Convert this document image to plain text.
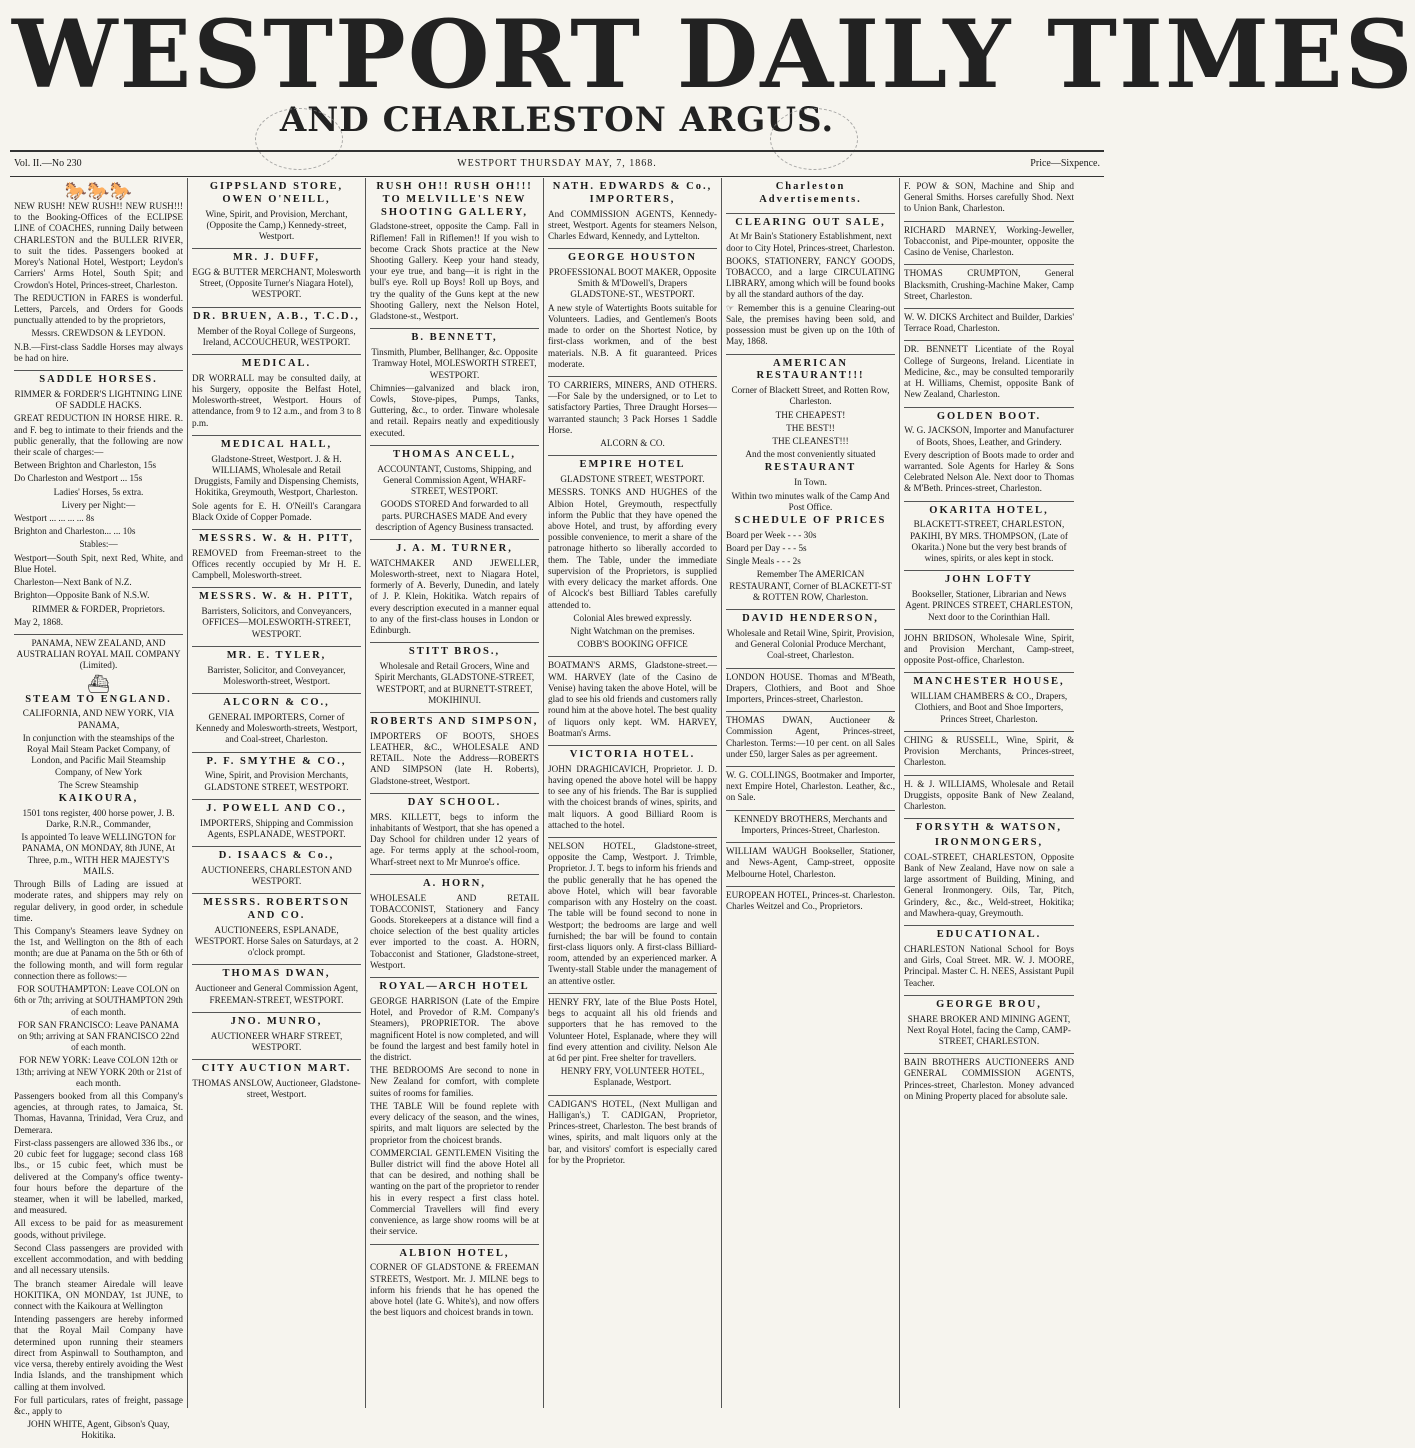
WESTPORT DAILY TIMES
AND CHARLESTON ARGUS.
Vol. II.—No 230	WESTPORT THURSDAY MAY, 7, 1868.	Price—Sixpence.
🐎🐎🐎

NEW RUSH! NEW RUSH!! NEW RUSH!!! to the Booking-Offices of the ECLIPSE LINE of COACHES, running Daily between CHARLESTON and the BULLER RIVER, to suit the tides. Passengers booked at Morey's National Hotel, Westport; Leydon's Carriers' Arms Hotel, South Spit; and Crowdon's Hotel, Princes-street, Charleston.

The REDUCTION in FARES is wonderful. Letters, Parcels, and Orders for Goods punctually attended to by the proprietors,

Messrs. CREWDSON & LEYDON.

N.B.—First-class Saddle Horses may always be had on hire.

SADDLE HORSES.

RIMMER & FORDER'S LIGHTNING LINE OF SADDLE HACKS.

GREAT REDUCTION IN HORSE HIRE. R. and F. beg to intimate to their friends and the public generally, that the following are now their scale of charges:—

Between Brighton and Charleston, 15s

Do Charleston and Westport ... 15s

Ladies' Horses, 5s extra.

Livery per Night:—

Westport ... ... ... ... 8s

Brighton and Charleston... ... 10s

Stables:—

Westport—South Spit, next Red, White, and Blue Hotel.

Charleston—Next Bank of N.Z.

Brighton—Opposite Bank of N.S.W.

RIMMER & FORDER, Proprietors.

May 2, 1868.

PANAMA, NEW ZEALAND, AND AUSTRALIAN ROYAL MAIL COMPANY (Limited).

⛴
STEAM TO ENGLAND.

CALIFORNIA, AND NEW YORK, VIA PANAMA,

In conjunction with the steamships of the Royal Mail Steam Packet Company, of London, and Pacific Mail Steamship Company, of New York

The Screw Steamship

KAIKOURA,

1501 tons register, 400 horse power, J. B. Darke, R.N.R., Commander,

Is appointed To leave WELLINGTON for PANAMA, ON MONDAY, 8th JUNE, At Three, p.m., WITH HER MAJESTY'S MAILS.

Through Bills of Lading are issued at moderate rates, and shippers may rely on regular delivery, in good order, in schedule time.

This Company's Steamers leave Sydney on the 1st, and Wellington on the 8th of each month; are due at Panama on the 5th or 6th of the following month, and will form regular connection there as follows:—

FOR SOUTHAMPTON: Leave COLON on 6th or 7th; arriving at SOUTHAMPTON 29th of each month.

FOR SAN FRANCISCO: Leave PANAMA on 9th; arriving at SAN FRANCISCO 22nd of each month.

FOR NEW YORK: Leave COLON 12th or 13th; arriving at NEW YORK 20th or 21st of each month.

Passengers booked from all this Company's agencies, at through rates, to Jamaica, St. Thomas, Havanna, Trinidad, Vera Cruz, and Demerara.

First-class passengers are allowed 336 lbs., or 20 cubic feet for luggage; second class 168 lbs., or 15 cubic feet, which must be delivered at the Company's office twenty-four hours before the departure of the steamer, when it will be labelled, marked, and measured.

All excess to be paid for as measurement goods, without privilege.

Second Class passengers are provided with excellent accommodation, and with bedding and all necessary utensils.

The branch steamer Airedale will leave HOKITIKA, ON MONDAY, 1st JUNE, to connect with the Kaikoura at Wellington

Intending passengers are hereby informed that the Royal Mail Company have determined upon running their steamers direct from Aspinwall to Southampton, and vice versa, thereby entirely avoiding the West India Islands, and the transhipment which calling at them involved.

For full particulars, rates of freight, passage &c., apply to

JOHN WHITE, Agent, Gibson's Quay, Hokitika.

GIPPSLAND STORE, OWEN O'NEILL,

Wine, Spirit, and Provision, Merchant, (Opposite the Camp,) Kennedy-street, Westport.

MR. J. DUFF,

EGG & BUTTER MERCHANT, Molesworth Street, (Opposite Turner's Niagara Hotel), WESTPORT.

DR. BRUEN, A.B., T.C.D.,

Member of the Royal College of Surgeons, Ireland, ACCOUCHEUR, WESTPORT.

MEDICAL.

DR WORRALL may be consulted daily, at his Surgery, opposite the Belfast Hotel, Molesworth-street, Westport. Hours of attendance, from 9 to 12 a.m., and from 3 to 8 p.m.

MEDICAL HALL,

Gladstone-Street, Westport. J. & H. WILLIAMS, Wholesale and Retail Druggists, Family and Dispensing Chemists, Hokitika, Greymouth, Westport, Charleston.

Sole agents for E. H. O'Neill's Carangara Black Oxide of Copper Pomade.

MESSRS. W. & H. PITT,

REMOVED from Freeman-street to the Offices recently occupied by Mr H. E. Campbell, Molesworth-street.

MESSRS. W. & H. PITT,

Barristers, Solicitors, and Conveyancers, OFFICES—MOLESWORTH-STREET, WESTPORT.

MR. E. TYLER,

Barrister, Solicitor, and Conveyancer, Molesworth-street, Westport.

ALCORN & CO.,

GENERAL IMPORTERS, Corner of Kennedy and Molesworth-streets, Westport, and Coal-street, Charleston.

P. F. SMYTHE & CO.,

Wine, Spirit, and Provision Merchants, GLADSTONE STREET, WESTPORT.

J. POWELL AND CO.,

IMPORTERS, Shipping and Commission Agents, ESPLANADE, WESTPORT.

D. ISAACS & Co.,

AUCTIONEERS, CHARLESTON AND WESTPORT.

MESSRS. ROBERTSON AND CO.

AUCTIONEERS, ESPLANADE, WESTPORT. Horse Sales on Saturdays, at 2 o'clock prompt.

THOMAS DWAN,

Auctioneer and General Commission Agent, FREEMAN-STREET, WESTPORT.

JNO. MUNRO,

AUCTIONEER WHARF STREET, WESTPORT.

CITY AUCTION MART.

THOMAS ANSLOW, Auctioneer, Gladstone-street, Westport.

RUSH OH!! RUSH OH!!! TO MELVILLE'S NEW SHOOTING GALLERY,

Gladstone-street, opposite the Camp. Fall in Riflemen! Fall in Riflemen!! If you wish to become Crack Shots practice at the New Shooting Gallery. Keep your hand steady, your eye true, and bang—it is right in the bull's eye. Roll up Boys! Roll up Boys, and try the quality of the Guns kept at the new Shooting Gallery, next the Nelson Hotel, Gladstone-st., Westport.

B. BENNETT,

Tinsmith, Plumber, Bellhanger, &c. Opposite Tramway Hotel, MOLESWORTH STREET, WESTPORT.

Chimnies—galvanized and black iron, Cowls, Stove-pipes, Pumps, Tanks, Guttering, &c., to order. Tinware wholesale and retail. Repairs neatly and expeditiously executed.

THOMAS ANCELL,

ACCOUNTANT, Customs, Shipping, and General Commission Agent, WHARF-STREET, WESTPORT.

GOODS STORED And forwarded to all parts. PURCHASES MADE And every description of Agency Business transacted.

J. A. M. TURNER,

WATCHMAKER AND JEWELLER, Molesworth-street, next to Niagara Hotel, formerly of A. Beverly, Dunedin, and lately of J. P. Klein, Hokitika. Watch repairs of every description executed in a manner equal to any of the first-class houses in London or Edinburgh.

STITT BROS.,

Wholesale and Retail Grocers, Wine and Spirit Merchants, GLADSTONE-STREET, WESTPORT, and at BURNETT-STREET, MOKIHINUI.

ROBERTS AND SIMPSON,

IMPORTERS OF BOOTS, SHOES LEATHER, &C., WHOLESALE AND RETAIL. Note the Address—ROBERTS AND SIMPSON (late H. Roberts), Gladstone-street, Westport.

DAY SCHOOL.

MRS. KILLETT, begs to inform the inhabitants of Westport, that she has opened a Day School for children under 12 years of age. For terms apply at the school-room, Wharf-street next to Mr Munroe's office.

A. HORN,

WHOLESALE AND RETAIL TOBACCONIST, Stationery and Fancy Goods. Storekeepers at a distance will find a choice selection of the best quality articles ever imported to the coast. A. HORN, Tobacconist and Stationer, Gladstone-street, Westport.

ROYAL—ARCH HOTEL

GEORGE HARRISON (Late of the Empire Hotel, and Provedor of R.M. Company's Steamers), PROPRIETOR. The above magnificent Hotel is now completed, and will be found the largest and best family hotel in the district.

THE BEDROOMS Are second to none in New Zealand for comfort, with complete suites of rooms for families.

THE TABLE Will be found replete with every delicacy of the season, and the wines, spirits, and malt liquors are selected by the proprietor from the choicest brands.

COMMERCIAL GENTLEMEN Visiting the Buller district will find the above Hotel all that can be desired, and nothing shall be wanting on the part of the proprietor to render his in every respect a first class hotel. Commercial Travellers will find every convenience, as large show rooms will be at their service.

ALBION HOTEL,

CORNER OF GLADSTONE & FREEMAN STREETS, Westport. Mr. J. MILNE begs to inform his friends that he has opened the above hotel (late G. White's), and now offers the best liquors and choicest brands in town.

NATH. EDWARDS & Co., IMPORTERS,

And COMMISSION AGENTS, Kennedy-street, Westport. Agents for steamers Nelson, Charles Edward, Kennedy, and Lyttelton.

GEORGE HOUSTON

PROFESSIONAL BOOT MAKER, Opposite Smith & M'Dowell's, Drapers GLADSTONE-ST., WESTPORT.

A new style of Watertights Boots suitable for Volunteers. Ladies, and Gentlemen's Boots made to order on the Shortest Notice, by first-class workmen, and of the best materials. N.B. A fit guaranteed. Prices moderate.

TO CARRIERS, MINERS, AND OTHERS.—For Sale by the undersigned, or to Let to satisfactory Parties, Three Draught Horses—warranted staunch; 3 Pack Horses 1 Saddle Horse.

ALCORN & CO.

EMPIRE HOTEL

GLADSTONE STREET, WESTPORT.

MESSRS. TONKS AND HUGHES of the Albion Hotel, Greymouth, respectfully inform the Public that they have opened the above Hotel, and trust, by affording every possible convenience, to merit a share of the patronage hitherto so liberally accorded to them. The Table, under the immediate supervision of the Proprietors, is supplied with every delicacy the market affords. One of Alcock's best Billiard Tables carefully attended to.

Colonial Ales brewed expressly.

Night Watchman on the premises.

COBB'S BOOKING OFFICE

BOATMAN'S ARMS, Gladstone-street.—WM. HARVEY (late of the Casino de Venise) having taken the above Hotel, will be glad to see his old friends and customers rally round him at the above hotel. The best quality of liquors only kept. WM. HARVEY, Boatman's Arms.

VICTORIA HOTEL.

JOHN DRAGHICAVICH, Proprietor. J. D. having opened the above hotel will be happy to see any of his friends. The Bar is supplied with the choicest brands of wines, spirits, and malt liquors. A good Billiard Room is attached to the hotel.

NELSON HOTEL, Gladstone-street, opposite the Camp, Westport. J. Trimble, Proprietor. J. T. begs to inform his friends and the public generally that he has opened the above Hotel, which will bear favorable comparison with any Hostelry on the coast. The table will be found second to none in Westport; the bedrooms are large and well furnished; the bar will be found to contain first-class liquors only. A first-class Billiard-room, attended by an experienced marker. A Twenty-stall Stable under the management of an attentive ostler.

HENRY FRY, late of the Blue Posts Hotel, begs to acquaint all his old friends and supporters that he has removed to the Volunteer Hotel, Esplanade, where they will find every attention and civility. Nelson Ale at 6d per pint. Free shelter for travellers.

HENRY FRY, VOLUNTEER HOTEL, Esplanade, Westport.

CADIGAN'S HOTEL, (Next Mulligan and Halligan's,) T. CADIGAN, Proprietor, Princes-street, Charleston. The best brands of wines, spirits, and malt liquors only at the bar, and visitors' comfort is especially cared for by the Proprietor.

Charleston Advertisements.
CLEARING OUT SALE,

At Mr Bain's Stationery Establishment, next door to City Hotel, Princes-street, Charleston.

BOOKS, STATIONERY, FANCY GOODS, TOBACCO, and a large CIRCULATING LIBRARY, among which will be found books by all the standard authors of the day.

☞ Remember this is a genuine Clearing-out Sale, the premises having been sold, and possession must be given up on the 10th of May, 1868.

AMERICAN RESTAURANT!!!

Corner of Blackett Street, and Rotten Row, Charleston.

THE CHEAPEST!

THE BEST!!

THE CLEANEST!!!

And the most conveniently situated

RESTAURANT

In Town.

Within two minutes walk of the Camp And Post Office.

SCHEDULE OF PRICES

Board per Week - - - 30s

Board per Day - - - 5s

Single Meals - - - 2s

Remember The AMERICAN RESTAURANT, Corner of BLACKETT-ST & ROTTEN ROW, Charleston.

DAVID HENDERSON,

Wholesale and Retail Wine, Spirit, Provision, and General Colonial Produce Merchant, Coal-street, Charleston.

LONDON HOUSE. Thomas and M'Beath, Drapers, Clothiers, and Boot and Shoe Importers, Princes-street, Charleston.

THOMAS DWAN, Auctioneer & Commission Agent, Princes-street, Charleston. Terms:—10 per cent. on all Sales under £50, larger Sales as per agreement.

W. G. COLLINGS, Bootmaker and Importer, next Empire Hotel, Charleston. Leather, &c., on Sale.

KENNEDY BROTHERS, Merchants and Importers, Princes-Street, Charleston.

WILLIAM WAUGH Bookseller, Stationer, and News-Agent, Camp-street, opposite Melbourne Hotel, Charleston.

EUROPEAN HOTEL, Princes-st. Charleston. Charles Weitzel and Co., Proprietors.

F. POW & SON, Machine and Ship and General Smiths. Horses carefully Shod. Next to Union Bank, Charleston.

RICHARD MARNEY, Working-Jeweller, Tobacconist, and Pipe-mounter, opposite the Casino de Venise, Charleston.

THOMAS CRUMPTON, General Blacksmith, Crushing-Machine Maker, Camp Street, Charleston.

W. W. DICKS Architect and Builder, Darkies' Terrace Road, Charleston.

DR. BENNETT Licentiate of the Royal College of Surgeons, Ireland. Licentiate in Medicine, &c., may be consulted temporarily at H. Williams, Chemist, opposite Bank of New Zealand, Charleston.

GOLDEN BOOT.

W. G. JACKSON, Importer and Manufacturer of Boots, Shoes, Leather, and Grindery.

Every description of Boots made to order and warranted. Sole Agents for Harley & Sons Celebrated Nelson Ale. Next door to Thomas & M'Beth. Princes-street, Charleston.

OKARITA HOTEL,

BLACKETT-STREET, CHARLESTON, PAKIHI, BY MRS. THOMPSON, (Late of Okarita.) None but the very best brands of wines, spirits, or ales kept in stock.

JOHN LOFTY

Bookseller, Stationer, Librarian and News Agent. PRINCES STREET, CHARLESTON, Next door to the Corinthian Hall.

JOHN BRIDSON, Wholesale Wine, Spirit, and Provision Merchant, Camp-street, opposite Post-office, Charleston.

MANCHESTER HOUSE,

WILLIAM CHAMBERS & CO., Drapers, Clothiers, and Boot and Shoe Importers, Princes Street, Charleston.

CHING & RUSSELL, Wine, Spirit, & Provision Merchants, Princes-street, Charleston.

H. & J. WILLIAMS, Wholesale and Retail Druggists, opposite Bank of New Zealand, Charleston.

FORSYTH & WATSON,
IRONMONGERS,

COAL-STREET, CHARLESTON, Opposite Bank of New Zealand, Have now on sale a large assortment of Building, Mining, and General Ironmongery. Oils, Tar, Pitch, Grindery, &c., &c., Weld-street, Hokitika; and Mawhera-quay, Greymouth.

EDUCATIONAL.

CHARLESTON National School for Boys and Girls, Coal Street. MR. W. J. MOORE, Principal. Master C. H. NEES, Assistant Pupil Teacher.

GEORGE BROU,

SHARE BROKER AND MINING AGENT, Next Royal Hotel, facing the Camp, CAMP-STREET, CHARLESTON.

BAIN BROTHERS AUCTIONEERS AND GENERAL COMMISSION AGENTS, Princes-street, Charleston. Money advanced on Mining Property placed for absolute sale.
